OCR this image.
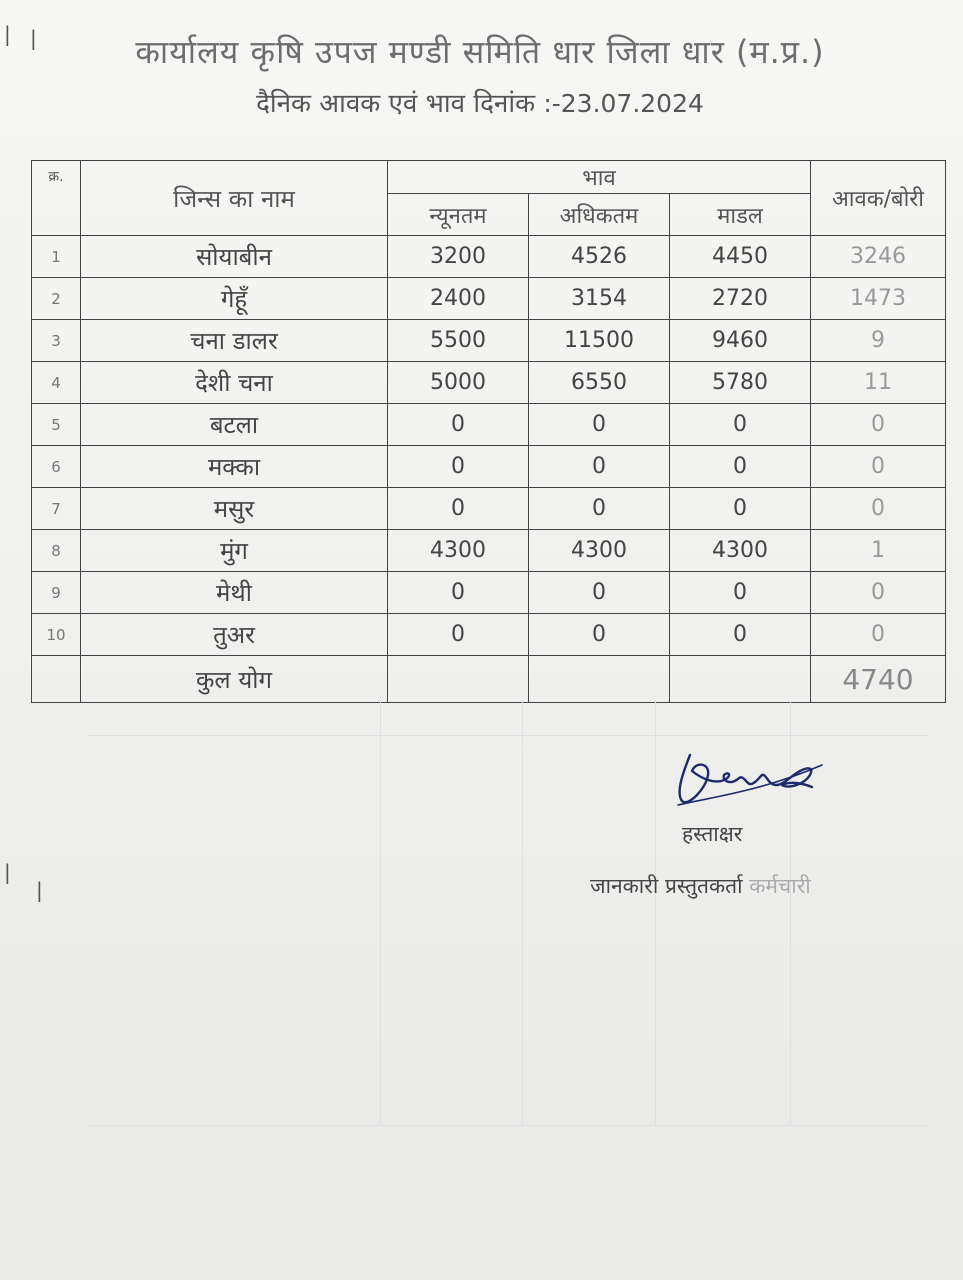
| |
|
|
कार्यालय कृषि उपज मण्डी समिति धार जिला धार (म.प्र.)
दैनिक आवक एवं भाव दिनांक :-23.07.2024
क्र.	जिन्स का नाम	भाव			आवक/बोरी
		न्यूनतम	अधिकतम	माडल	
1	सोयाबीन	3200	4526	4450	3246
2	गेहूँ	2400	3154	2720	1473
3	चना डालर	5500	11500	9460	9
4	देशी चना	5000	6550	5780	11
5	बटला	0	0	0	0
6	मक्का	0	0	0	0
7	मसुर	0	0	0	0
8	मुंग	4300	4300	4300	1
9	मेथी	0	0	0	0
10	तुअर	0	0	0	0
	कुल योग				4740
हस्ताक्षर
जानकारी प्रस्तुतकर्ता कर्मचारी
